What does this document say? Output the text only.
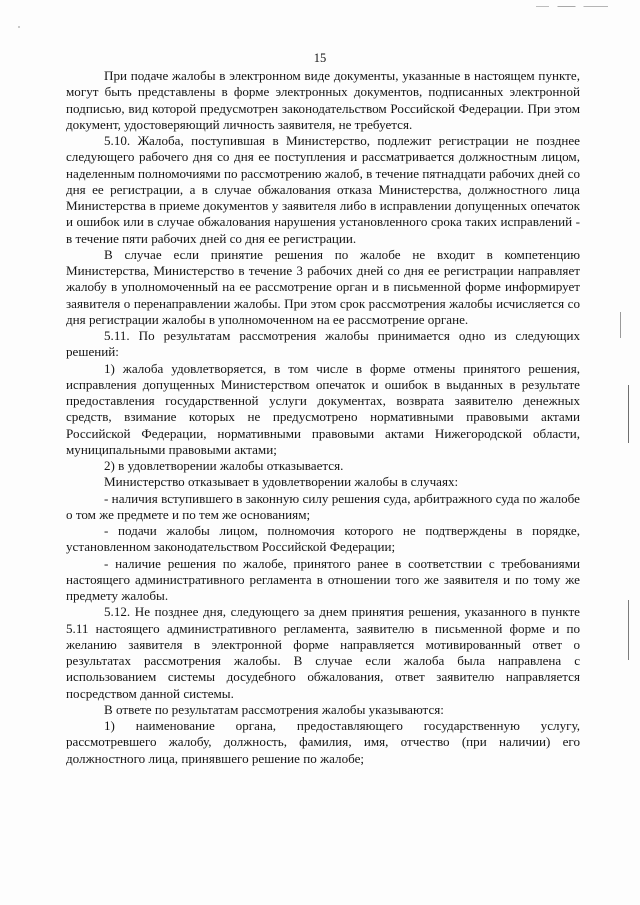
15

При подаче жалобы в электронном виде документы, указанные в настоящем пункте, могут быть представлены в форме электронных документов, подписанных электронной подписью, вид которой предусмотрен законодательством Российской Федерации. При этом документ, удостоверяющий личность заявителя, не требуется.

5.10. Жалоба, поступившая в Министерство, подлежит регистрации не позднее следующего рабочего дня со дня ее поступления и рассматривается должностным лицом, наделенным полномочиями по рассмотрению жалоб, в течение пятнадцати рабочих дней со дня ее регистрации, а в случае обжалования отказа Министерства, должностного лица Министерства в приеме документов у заявителя либо в исправлении допущенных опечаток и ошибок или в случае обжалования нарушения установленного срока таких исправлений - в течение пяти рабочих дней со дня ее регистрации.

В случае если принятие решения по жалобе не входит в компетенцию Министерства, Министерство в течение 3 рабочих дней со дня ее регистрации направляет жалобу в уполномоченный на ее рассмотрение орган и в письменной форме информирует заявителя о перенаправлении жалобы. При этом срок рассмотрения жалобы исчисляется со дня регистрации жалобы в уполномоченном на ее рассмотрение органе.

5.11. По результатам рассмотрения жалобы принимается одно из следующих решений:

1) жалоба удовлетворяется, в том числе в форме отмены принятого решения, исправления допущенных Министерством опечаток и ошибок в выданных в результате предоставления государственной услуги документах, возврата заявителю денежных средств, взимание которых не предусмотрено нормативными правовыми актами Российской Федерации, нормативными правовыми актами Нижегородской области, муниципальными правовыми актами;

2) в удовлетворении жалобы отказывается.

Министерство отказывает в удовлетворении жалобы в случаях:

- наличия вступившего в законную силу решения суда, арбитражного суда по жалобе о том же предмете и по тем же основаниям;

- подачи жалобы лицом, полномочия которого не подтверждены в порядке, установленном законодательством Российской Федерации;

- наличие решения по жалобе, принятого ранее в соответствии с требованиями настоящего административного регламента в отношении того же заявителя и по тому же предмету жалобы.

5.12. Не позднее дня, следующего за днем принятия решения, указанного в пункте 5.11 настоящего административного регламента, заявителю в письменной форме и по желанию заявителя в электронной форме направляется мотивированный ответ о результатах рассмотрения жалобы. В случае если жалоба была направлена с использованием системы досудебного обжалования, ответ заявителю направляется посредством данной системы.

В ответе по результатам рассмотрения жалобы указываются:

1) наименование органа, предоставляющего государственную услугу, рассмотревшего жалобу, должность, фамилия, имя, отчество (при наличии) его должностного лица, принявшего решение по жалобе;
